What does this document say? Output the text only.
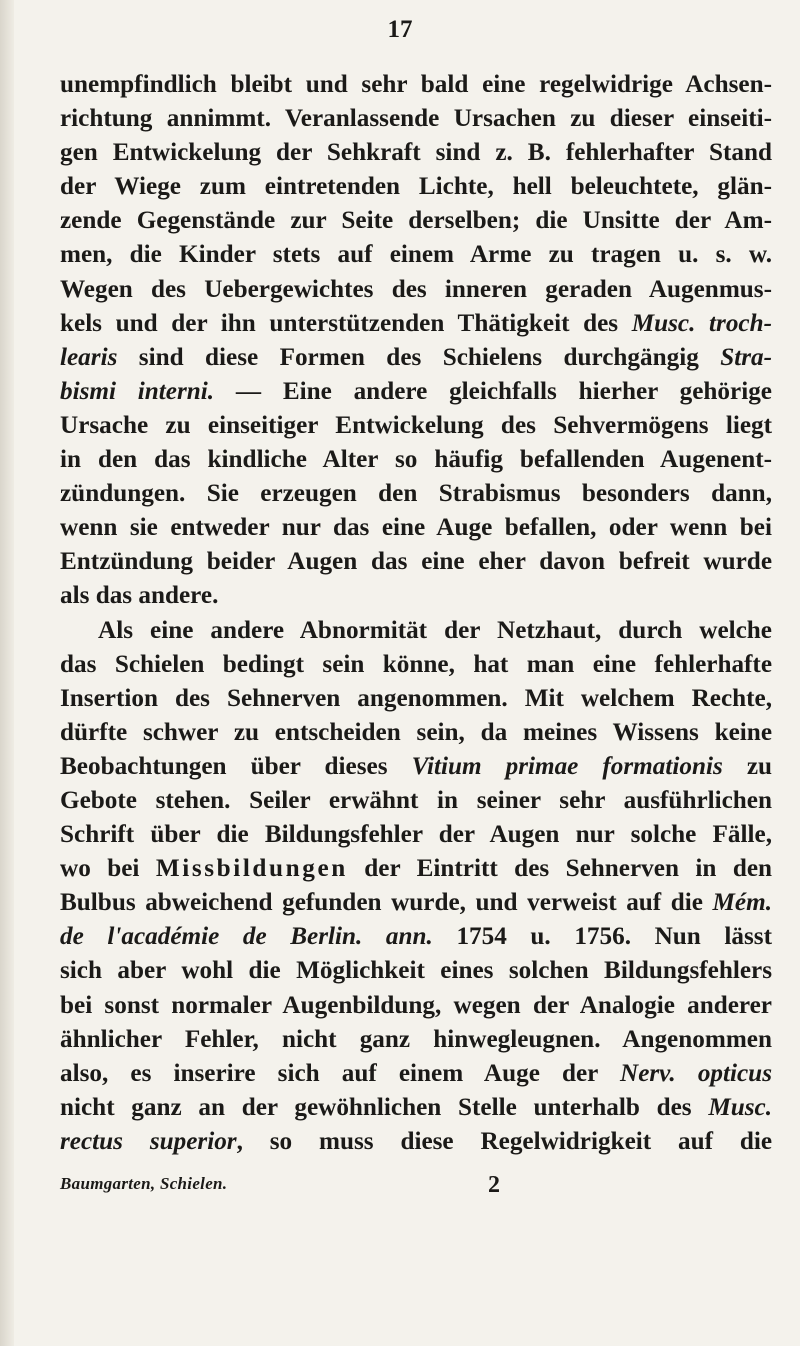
17
unempfindlich bleibt und sehr bald eine regelwidrige Achsen-
richtung annimmt. Veranlassende Ursachen zu dieser einseiti-
gen Entwickelung der Sehkraft sind z. B. fehlerhafter Stand
der Wiege zum eintretenden Lichte, hell beleuchtete, glän-
zende Gegenstände zur Seite derselben; die Unsitte der Am-
men, die Kinder stets auf einem Arme zu tragen u. s. w.
Wegen des Uebergewichtes des inneren geraden Augenmus-
kels und der ihn unterstützenden Thätigkeit des Musc. troch-
learis sind diese Formen des Schielens durchgängig Stra-
bismi interni. — Eine andere gleichfalls hierher gehörige
Ursache zu einseitiger Entwickelung des Sehvermögens liegt
in den das kindliche Alter so häufig befallenden Augenent-
zündungen. Sie erzeugen den Strabismus besonders dann,
wenn sie entweder nur das eine Auge befallen, oder wenn bei
Entzündung beider Augen das eine eher davon befreit wurde
als das andere.
Als eine andere Abnormität der Netzhaut, durch welche
das Schielen bedingt sein könne, hat man eine fehlerhafte
Insertion des Sehnerven angenommen. Mit welchem Rechte,
dürfte schwer zu entscheiden sein, da meines Wissens keine
Beobachtungen über dieses Vitium primae formationis zu
Gebote stehen. Seiler erwähnt in seiner sehr ausführlichen
Schrift über die Bildungsfehler der Augen nur solche Fälle,
wo bei Missbildungen der Eintritt des Sehnerven in den
Bulbus abweichend gefunden wurde, und verweist auf die Mém.
de l'académie de Berlin. ann. 1754 u. 1756. Nun lässt
sich aber wohl die Möglichkeit eines solchen Bildungsfehlers
bei sonst normaler Augenbildung, wegen der Analogie anderer
ähnlicher Fehler, nicht ganz hinwegleugnen. Angenommen
also, es inserire sich auf einem Auge der Nerv. opticus
nicht ganz an der gewöhnlichen Stelle unterhalb des Musc.
rectus superior, so muss diese Regelwidrigkeit auf die
Baumgarten, Schielen.	2
